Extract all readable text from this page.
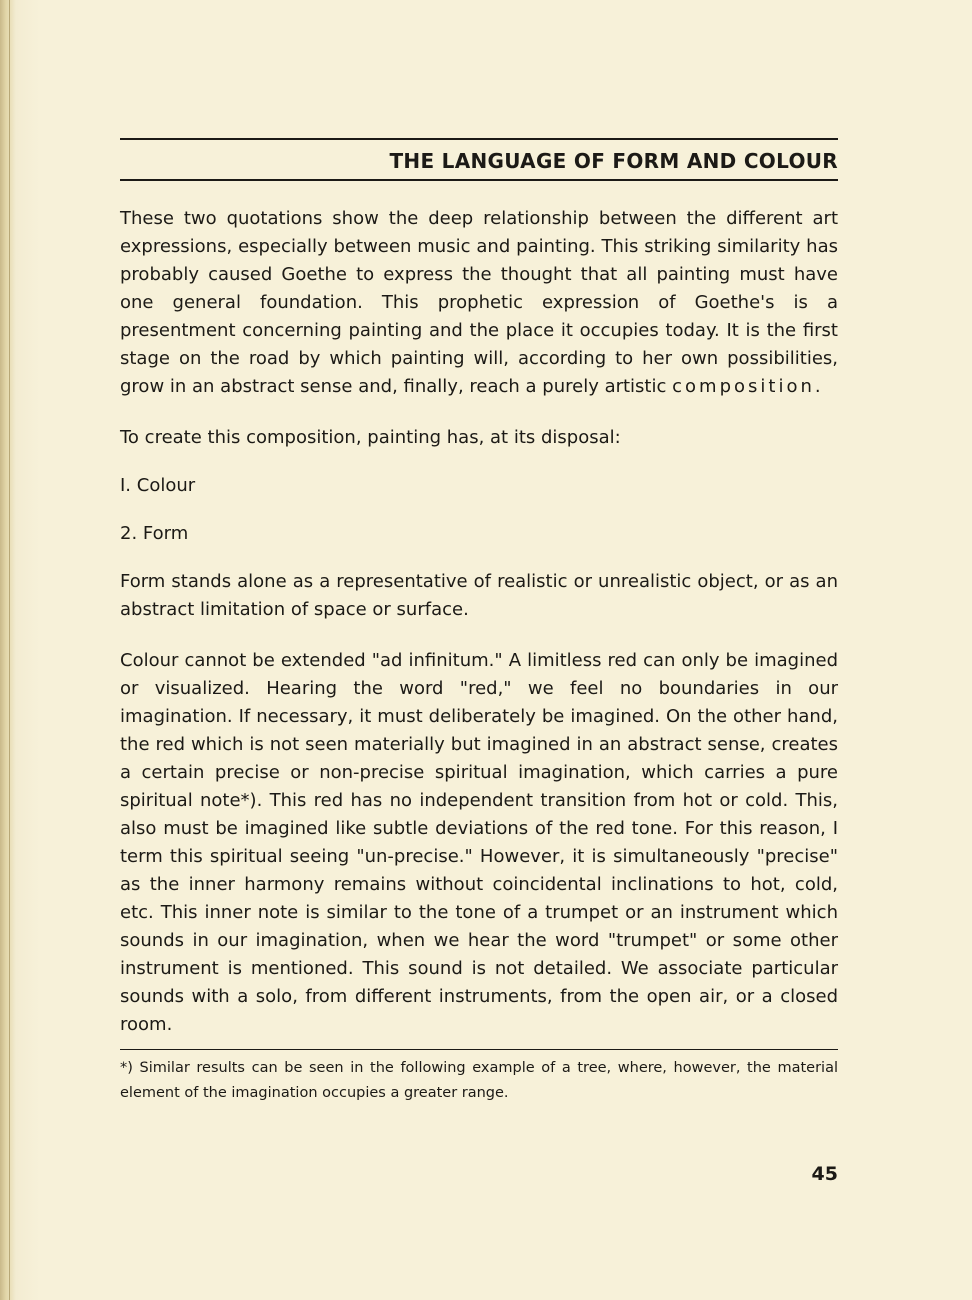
THE LANGUAGE OF FORM AND COLOUR

These two quotations show the deep relationship between the different art expressions, especially between music and painting. This striking similarity has probably caused Goethe to express the thought that all painting must have one general foundation. This prophetic expression of Goethe's is a presentment concerning painting and the place it occupies today. It is the first stage on the road by which painting will, according to her own possibilities, grow in an abstract sense and, finally, reach a purely artistic composition.

To create this composition, painting has, at its disposal:

I. Colour

2. Form

Form stands alone as a representative of realistic or unrealistic object, or as an abstract limitation of space or surface.

Colour cannot be extended "ad infinitum." A limitless red can only be imagined or visualized. Hearing the word "red," we feel no boundaries in our imagination. If necessary, it must deliberately be imagined. On the other hand, the red which is not seen materially but imagined in an abstract sense, creates a certain precise or non-precise spiritual imagination, which carries a pure spiritual note*). This red has no independent transition from hot or cold. This, also must be imagined like subtle deviations of the red tone. For this reason, I term this spiritual seeing "un-precise." However, it is simultaneously "precise" as the inner harmony remains without coincidental inclinations to hot, cold, etc. This inner note is similar to the tone of a trumpet or an instrument which sounds in our imagination, when we hear the word "trumpet" or some other instrument is mentioned. This sound is not detailed. We associate particular sounds with a solo, from different instruments, from the open air, or a closed room.

*) Similar results can be seen in the following example of a tree, where, however, the material element of the imagination occupies a greater range.

45
